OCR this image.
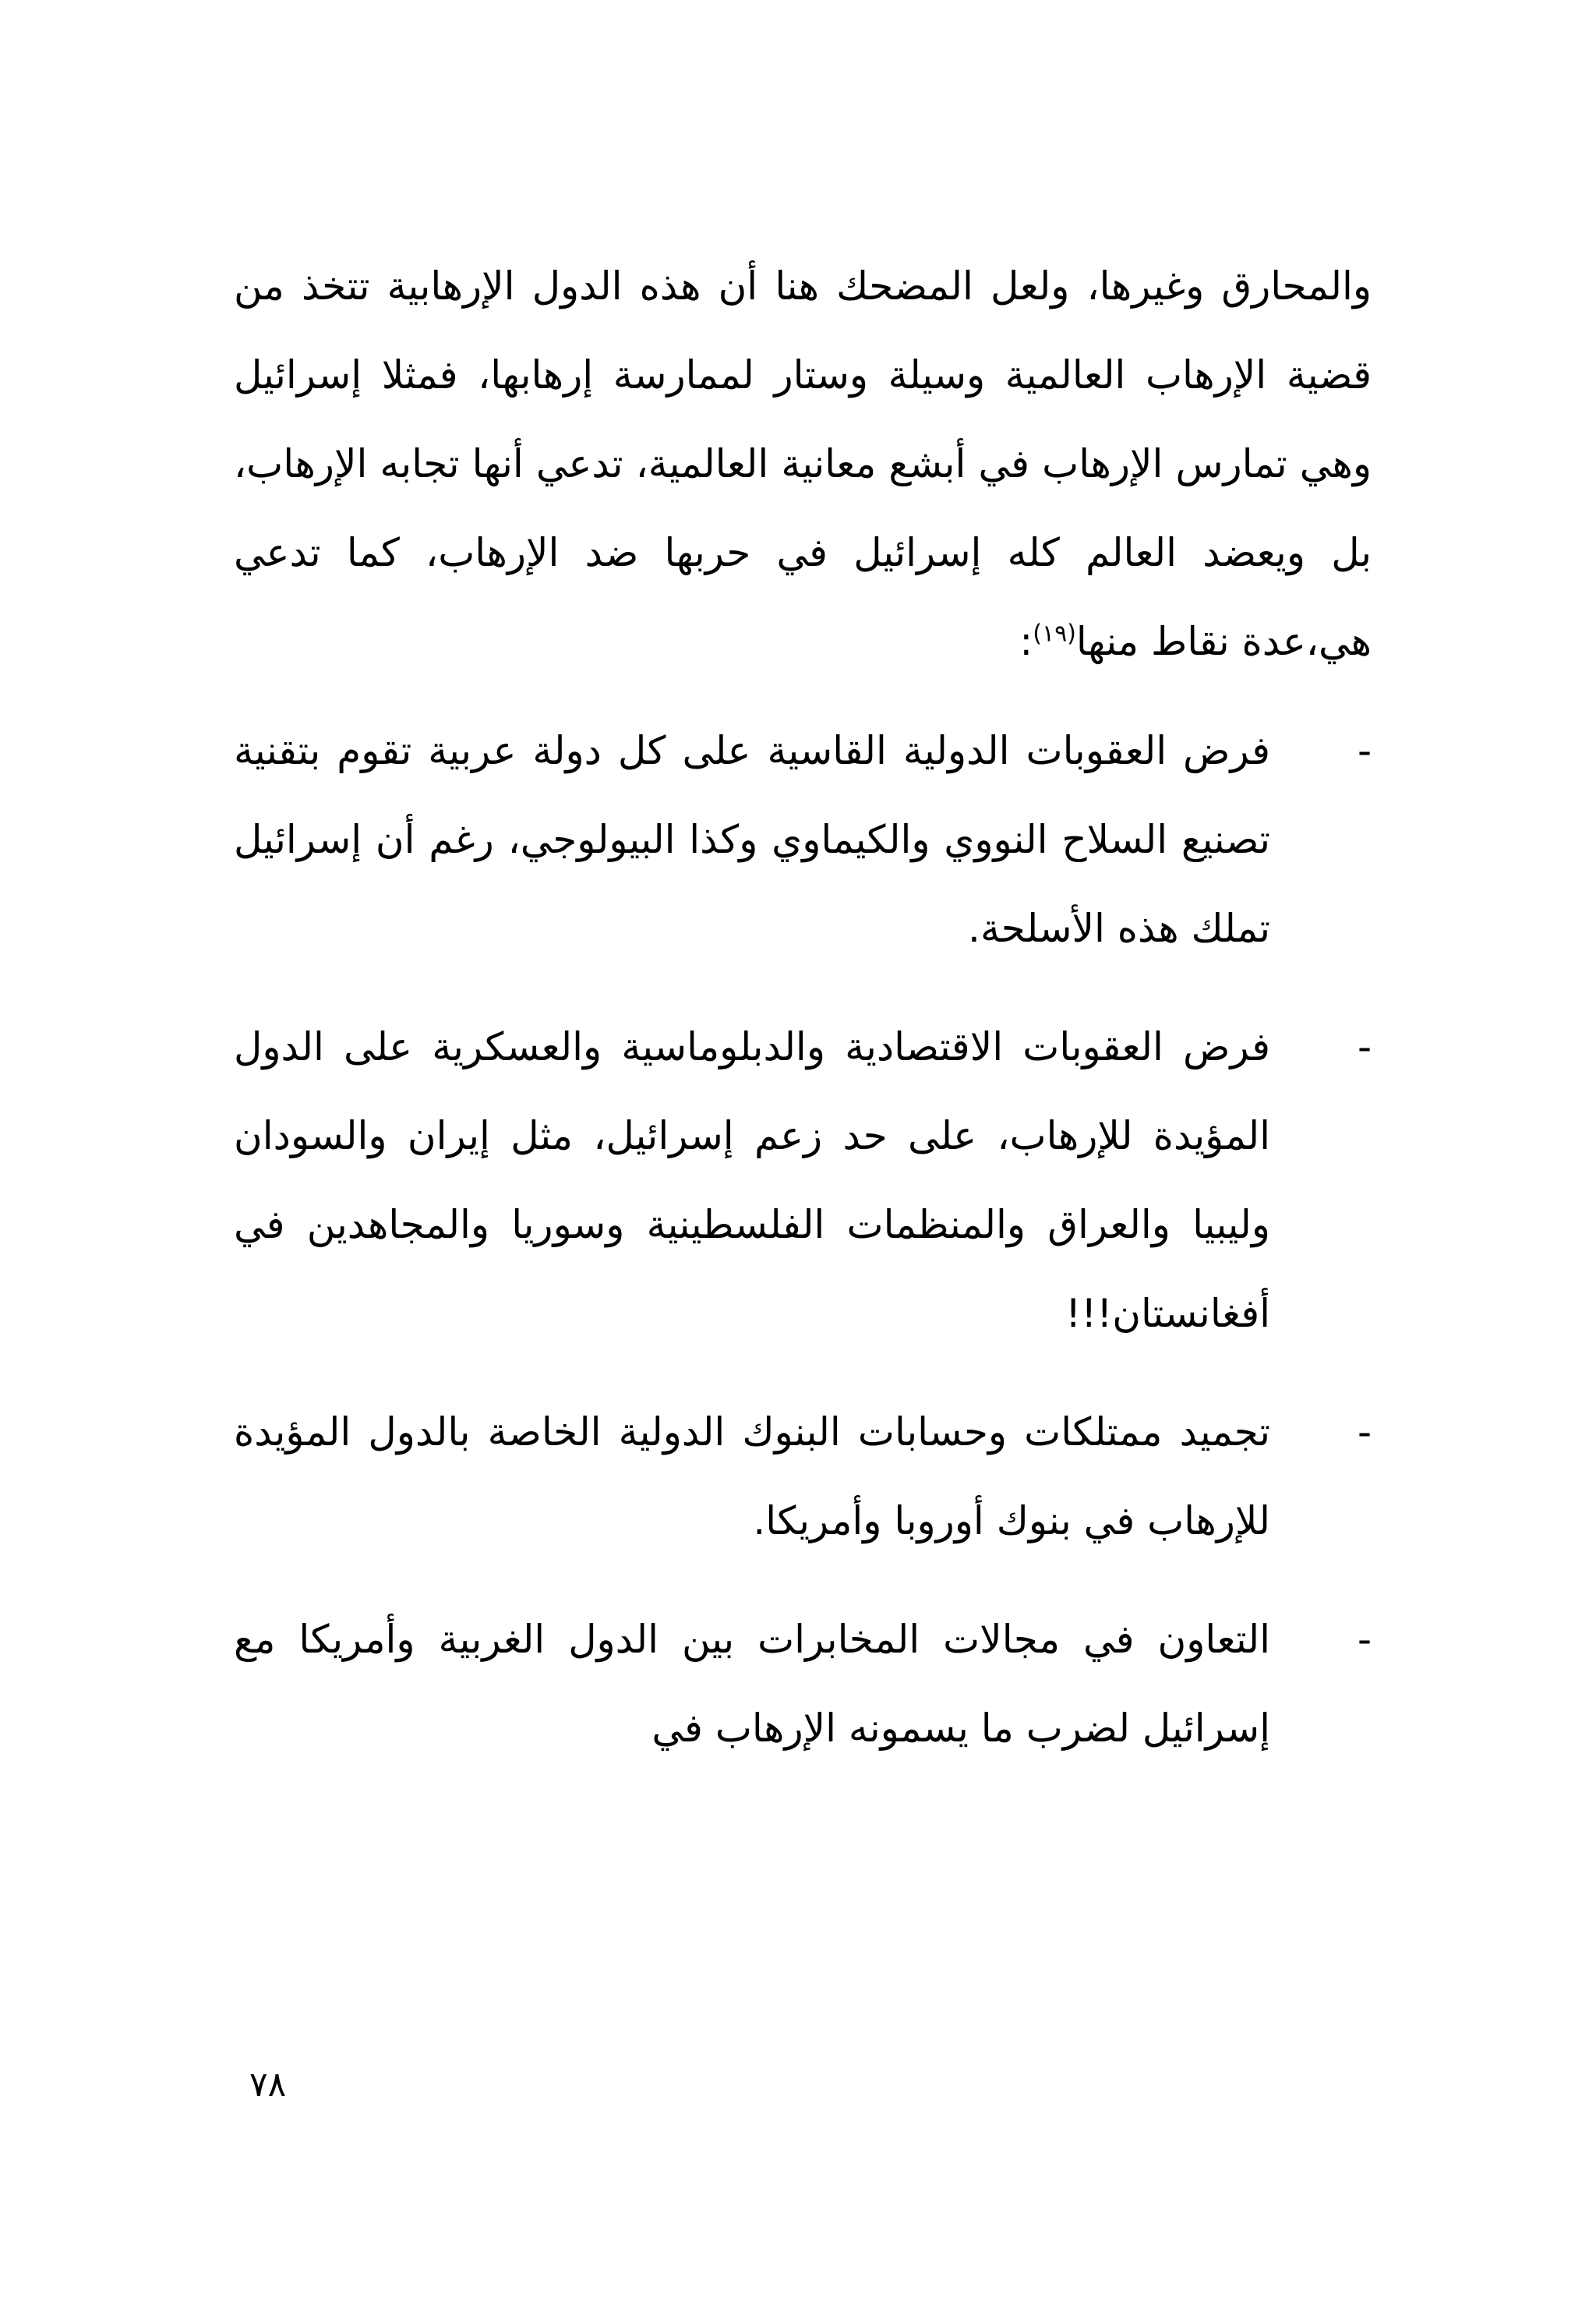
والمحارق وغيرها، ولعل المضحك هنا أن هذه الدول الإرهابية تتخذ من قضية الإرهاب العالمية وسيلة وستار لممارسة إرهابها، فمثلا إسرائيل وهي تمارس الإرهاب في أبشع معانية العالمية، تدعي أنها تجابه الإرهاب، بل ويعضد العالم كله إسرائيل في حربها ضد الإرهاب، كما تدعي هي،عدة نقاط منها$^{(١٩)}$:

-

فرض العقوبات الدولية القاسية على كل دولة عربية تقوم بتقنية تصنيع السلاح النووي والكيماوي وكذا البيولوجي، رغم أن إسرائيل تملك هذه الأسلحة.

-

فرض العقوبات الاقتصادية والدبلوماسية والعسكرية على الدول المؤيدة للإرهاب، على حد زعم إسرائيل، مثل إيران والسودان وليبيا والعراق والمنظمات الفلسطينية وسوريا والمجاهدين في أفغانستان!!!

-

تجميد ممتلكات وحسابات البنوك الدولية الخاصة بالدول المؤيدة للإرهاب في بنوك أوروبا وأمريكا.

-

التعاون في مجالات المخابرات بين الدول الغربية وأمريكا مع إسرائيل لضرب ما يسمونه الإرهاب في

٧٨
